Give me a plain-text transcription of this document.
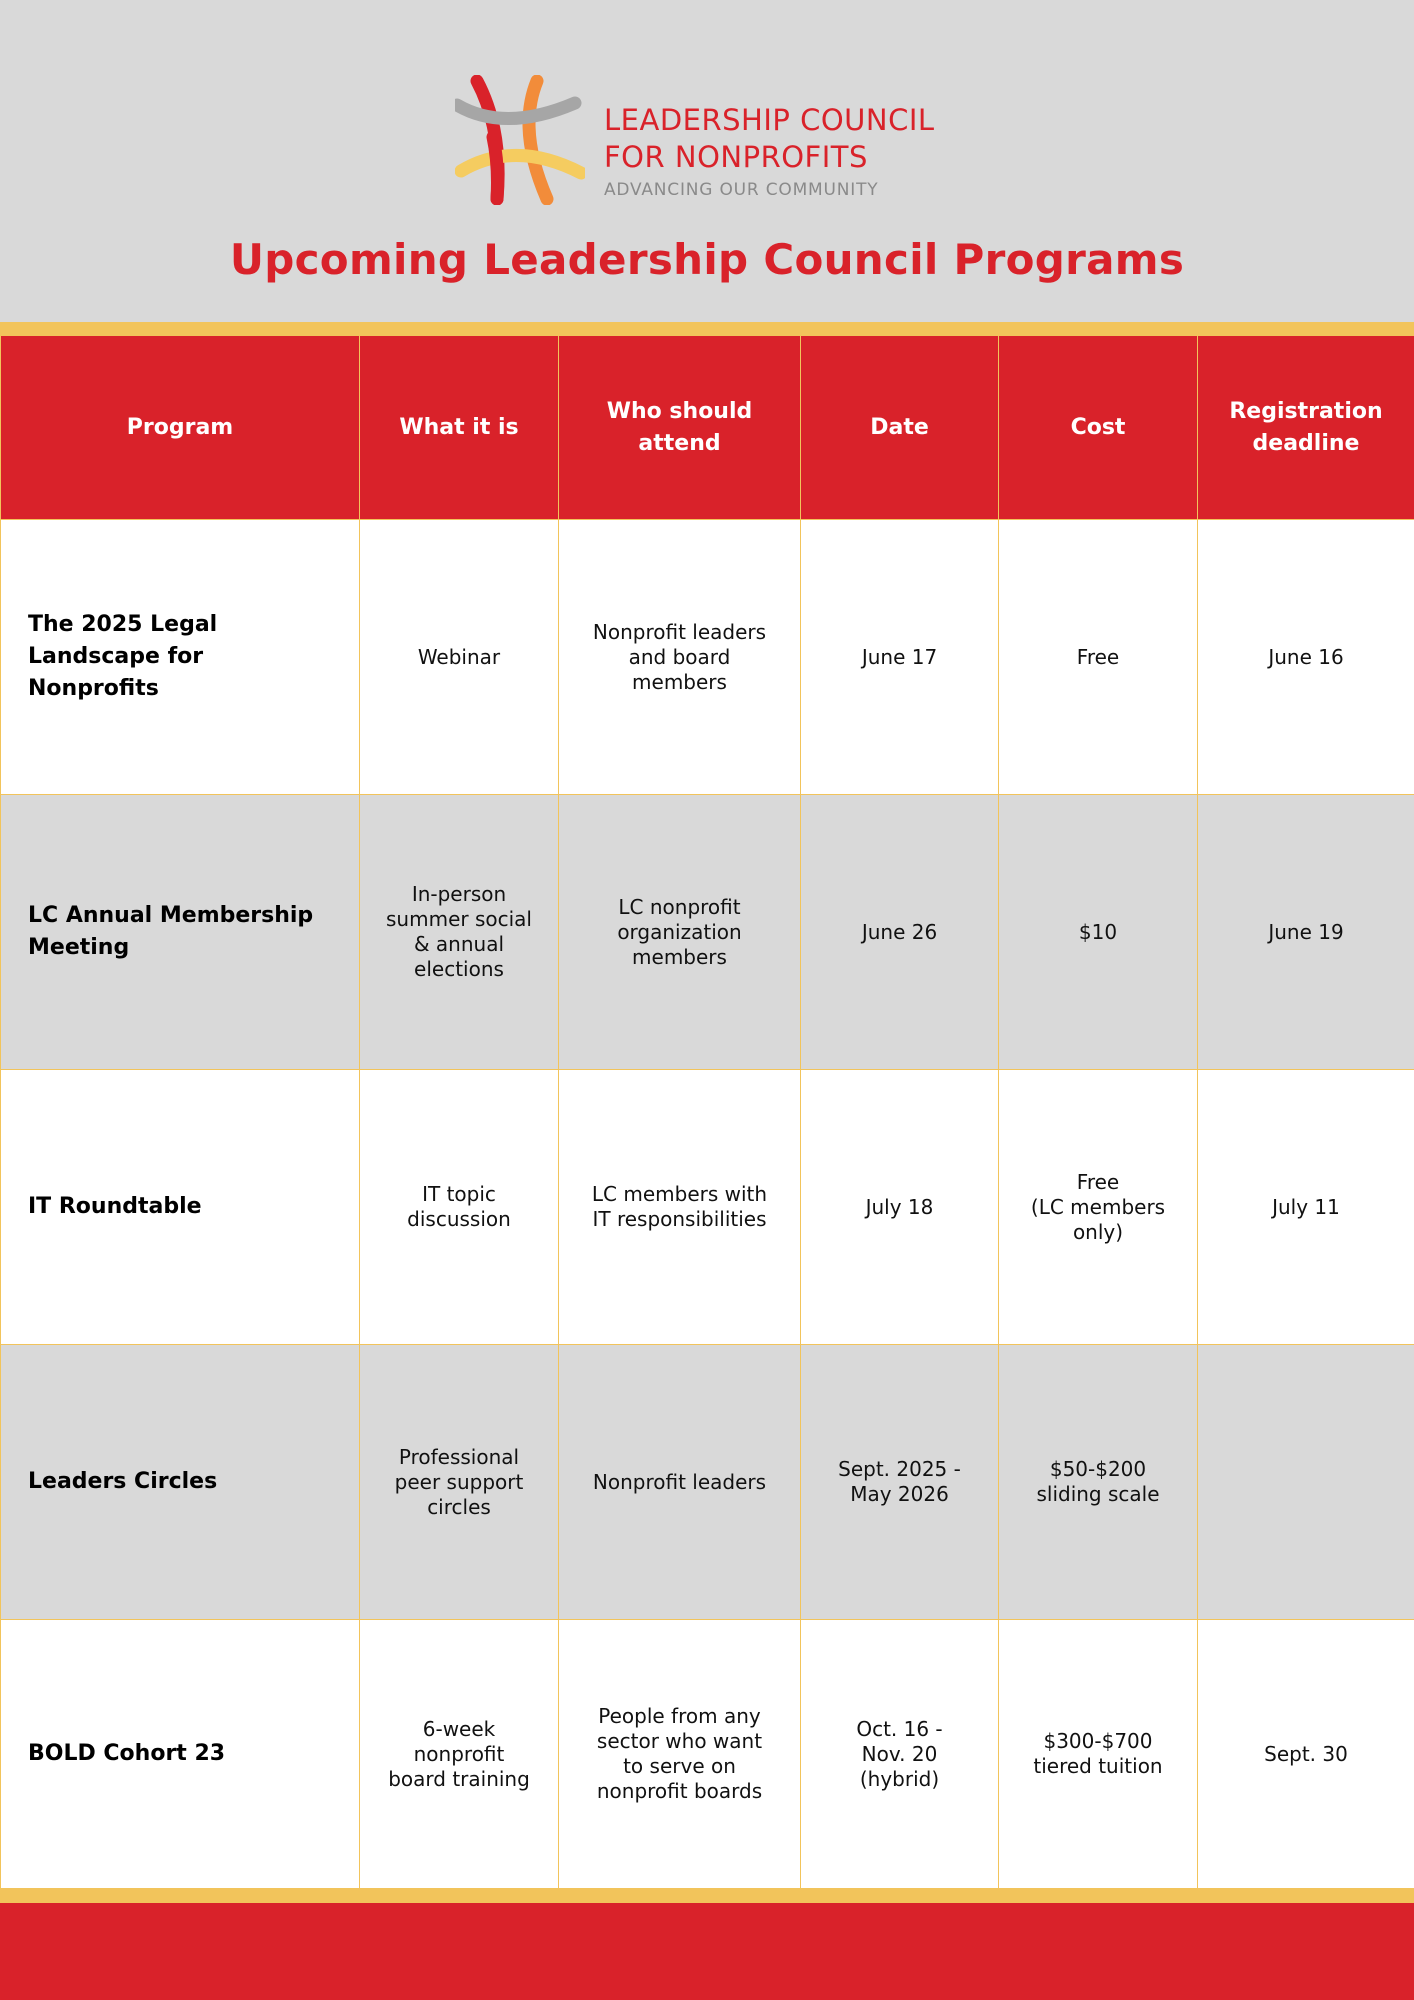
LEADERSHIP COUNCIL
FOR NONPROFITS
ADVANCING OUR COMMUNITY
Upcoming Leadership Council Programs
Program	What it is	Who should
attend	Date	Cost	Registration
deadline
The 2025 Legal Landscape for Nonprofits	Webinar	Nonprofit leaders
and board
members	June 17	Free	June 16
LC Annual Membership Meeting	In-person
summer social
& annual
elections	LC nonprofit
organization
members	June 26	$10	June 19
IT Roundtable	IT topic
discussion	LC members with
IT responsibilities	July 18	Free
(LC members
only)	July 11
Leaders Circles	Professional
peer support
circles	Nonprofit leaders	Sept. 2025 -
May 2026	$50-$200
sliding scale	
BOLD Cohort 23	6-week
nonprofit
board training	People from any
sector who want
to serve on
nonprofit boards	Oct. 16 -
Nov. 20
(hybrid)	$300-$700
tiered tuition	Sept. 30
